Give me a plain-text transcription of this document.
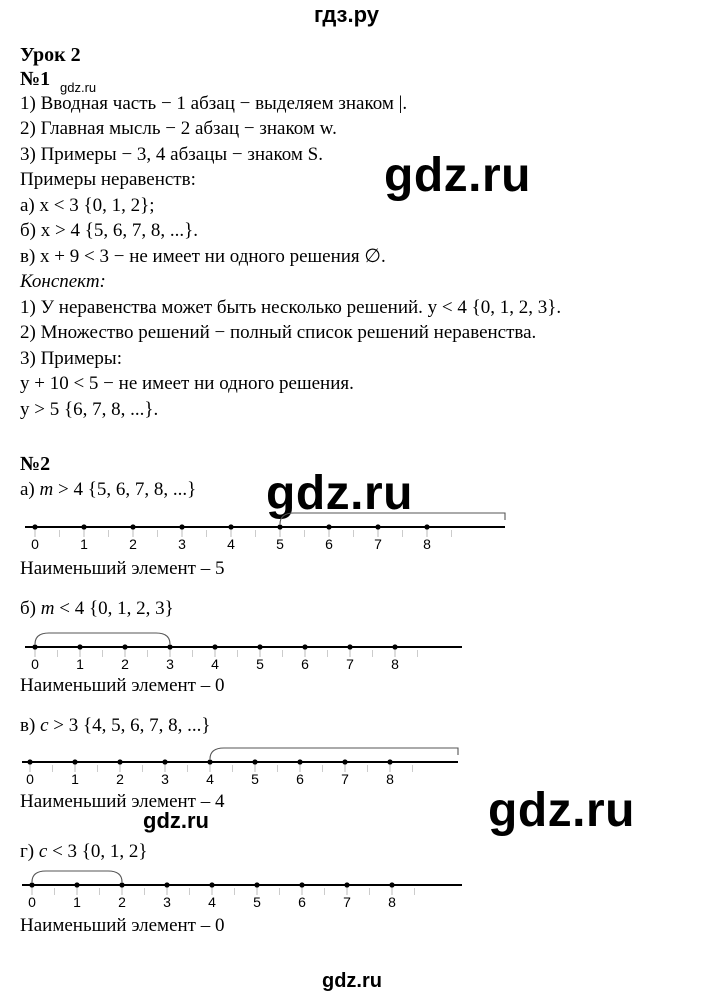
гдз.ру
Урок 2
№1 gdz.ru
1) Вводная часть − 1 абзац − выделяем знаком |.
2) Главная мысль − 2 абзац − знаком w.
3) Примеры − 3, 4 абзацы − знаком S.
Примеры неравенств:
а) x < 3 {0, 1, 2};
б) x > 4 {5, 6, 7, 8, ...}.
в) x + 9 < 3 − не имеет ни одного решения ∅.
gdz.ru
Конспект:
1) У неравенства может быть несколько решений. y < 4 {0, 1, 2, 3}.
2) Множество решений − полный список решений неравенства.
3) Примеры:
y + 10 < 5 − не имеет ни одного решения.
y > 5 {6, 7, 8, ...}.
№2
а) m > 4 {5, 6, 7, 8, ...} gdz.ru
0	1	2	3	4	5	6	7	8
Наименьший элемент – 5
б) m < 4 {0, 1, 2, 3}
0	1	2	3	4	5	6	7	8
Наименьший элемент – 0
в) c > 3 {4, 5, 6, 7, 8, ...}
0	1	2	3	4	5	6	7	8
Наименьший элемент – 4
gdz.ru	gdz.ru
г) c < 3 {0, 1, 2}
0	1	2	3	4	5	6	7	8
Наименьший элемент – 0
gdz.ru
